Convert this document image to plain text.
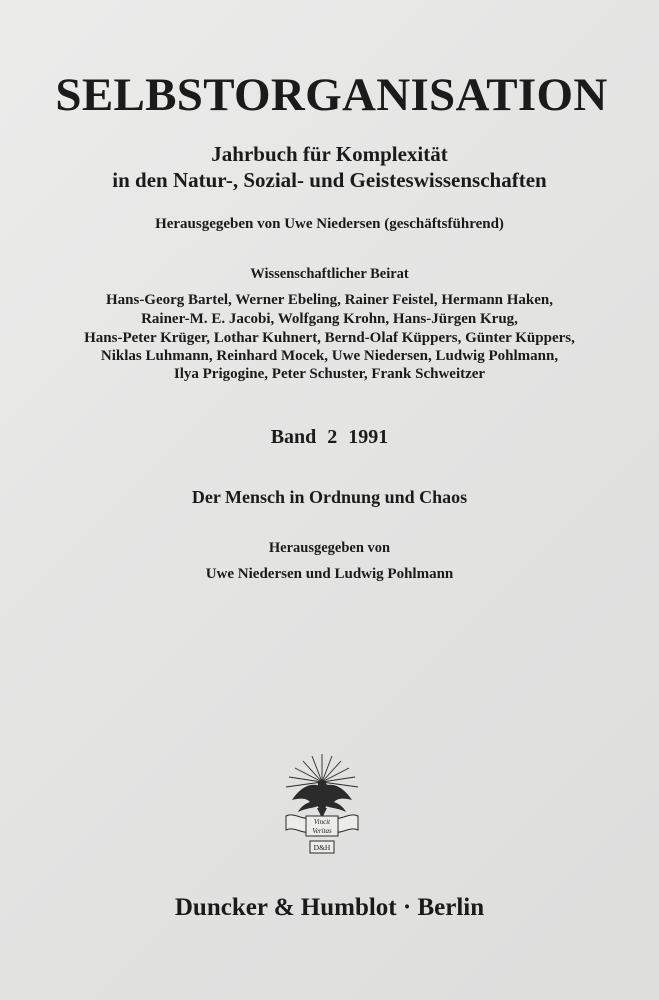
SELBSTORGANISATION
Jahrbuch für Komplexität
in den Natur-, Sozial- und Geisteswissenschaften
Herausgegeben von Uwe Niedersen (geschäftsführend)
Wissenschaftlicher Beirat
Hans-Georg Bartel, Werner Ebeling, Rainer Feistel, Hermann Haken,
Rainer-M. E. Jacobi, Wolfgang Krohn, Hans-Jürgen Krug,
Hans-Peter Krüger, Lothar Kuhnert, Bernd-Olaf Küppers, Günter Küppers,
Niklas Luhmann, Reinhard Mocek, Uwe Niedersen, Ludwig Pohlmann,
Ilya Prigogine, Peter Schuster, Frank Schweitzer
Band 2 1991
Der Mensch in Ordnung und Chaos
Herausgegeben von
Uwe Niedersen und Ludwig Pohlmann
Vincit
Veritas
D&H
Duncker & Humblot · Berlin
